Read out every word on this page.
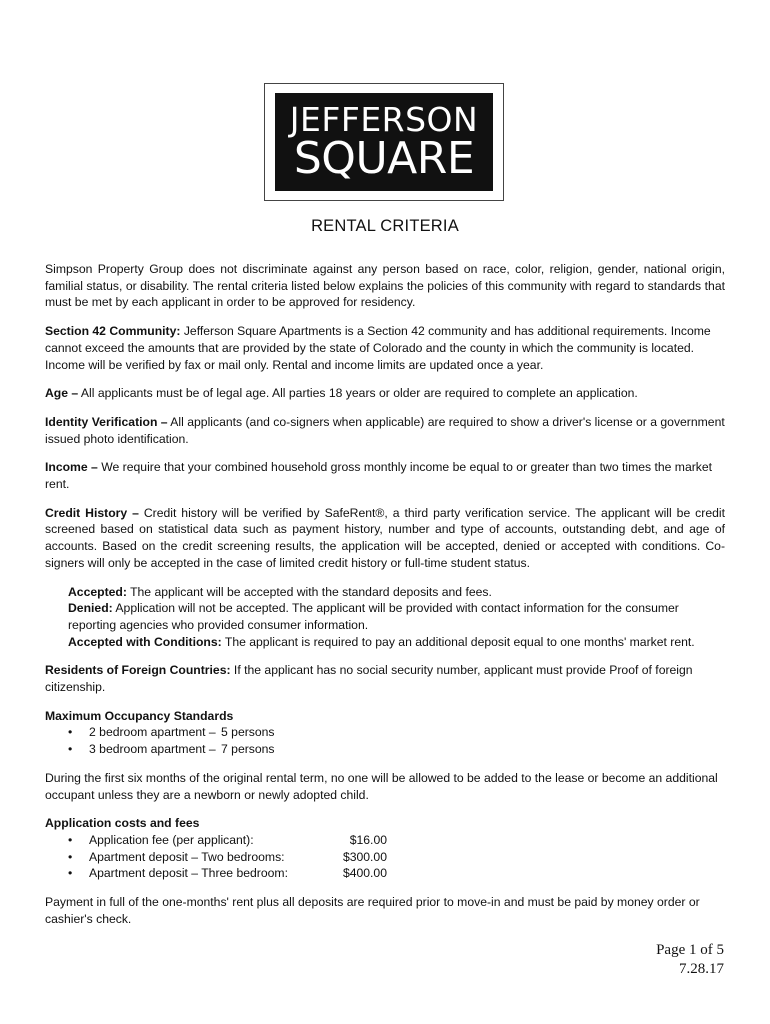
JEFFERSON
SQUARE
RENTAL CRITERIA

Simpson Property Group does not discriminate against any person based on race, color, religion, gender, national origin, familial status, or disability. The rental criteria listed below explains the policies of this community with regard to standards that must be met by each applicant in order to be approved for residency.

Section 42 Community: Jefferson Square Apartments is a Section 42 community and has additional requirements. Income cannot exceed the amounts that are provided by the state of Colorado and the county in which the community is located. Income will be verified by fax or mail only. Rental and income limits are updated once a year.

Age – All applicants must be of legal age. All parties 18 years or older are required to complete an application.

Identity Verification – All applicants (and co-signers when applicable) are required to show a driver's license or a government issued photo identification.

Income – We require that your combined household gross monthly income be equal to or greater than two times the market rent.

Credit History – Credit history will be verified by SafeRent®, a third party verification service. The applicant will be credit screened based on statistical data such as payment history, number and type of accounts, outstanding debt, and age of accounts. Based on the credit screening results, the application will be accepted, denied or accepted with conditions. Co-signers will only be accepted in the case of limited credit history or full-time student status.

Accepted: The applicant will be accepted with the standard deposits and fees.
Denied: Application will not be accepted. The applicant will be provided with contact information for the consumer reporting agencies who provided consumer information.
Accepted with Conditions: The applicant is required to pay an additional deposit equal to one months' market rent.

Residents of Foreign Countries: If the applicant has no social security number, applicant must provide Proof of foreign citizenship.

Maximum Occupancy Standards
• 2 bedroom apartment – 5 persons
• 3 bedroom apartment – 7 persons

During the first six months of the original rental term, no one will be allowed to be added to the lease or become an additional occupant unless they are a newborn or newly adopted child.

Application costs and fees
• Application fee (per applicant):	$16.00
• Apartment deposit – Two bedrooms:	$300.00
• Apartment deposit – Three bedroom:	$400.00

Payment in full of the one-months' rent plus all deposits are required prior to move-in and must be paid by money order or cashier's check.

Page 1 of 5
7.28.17
